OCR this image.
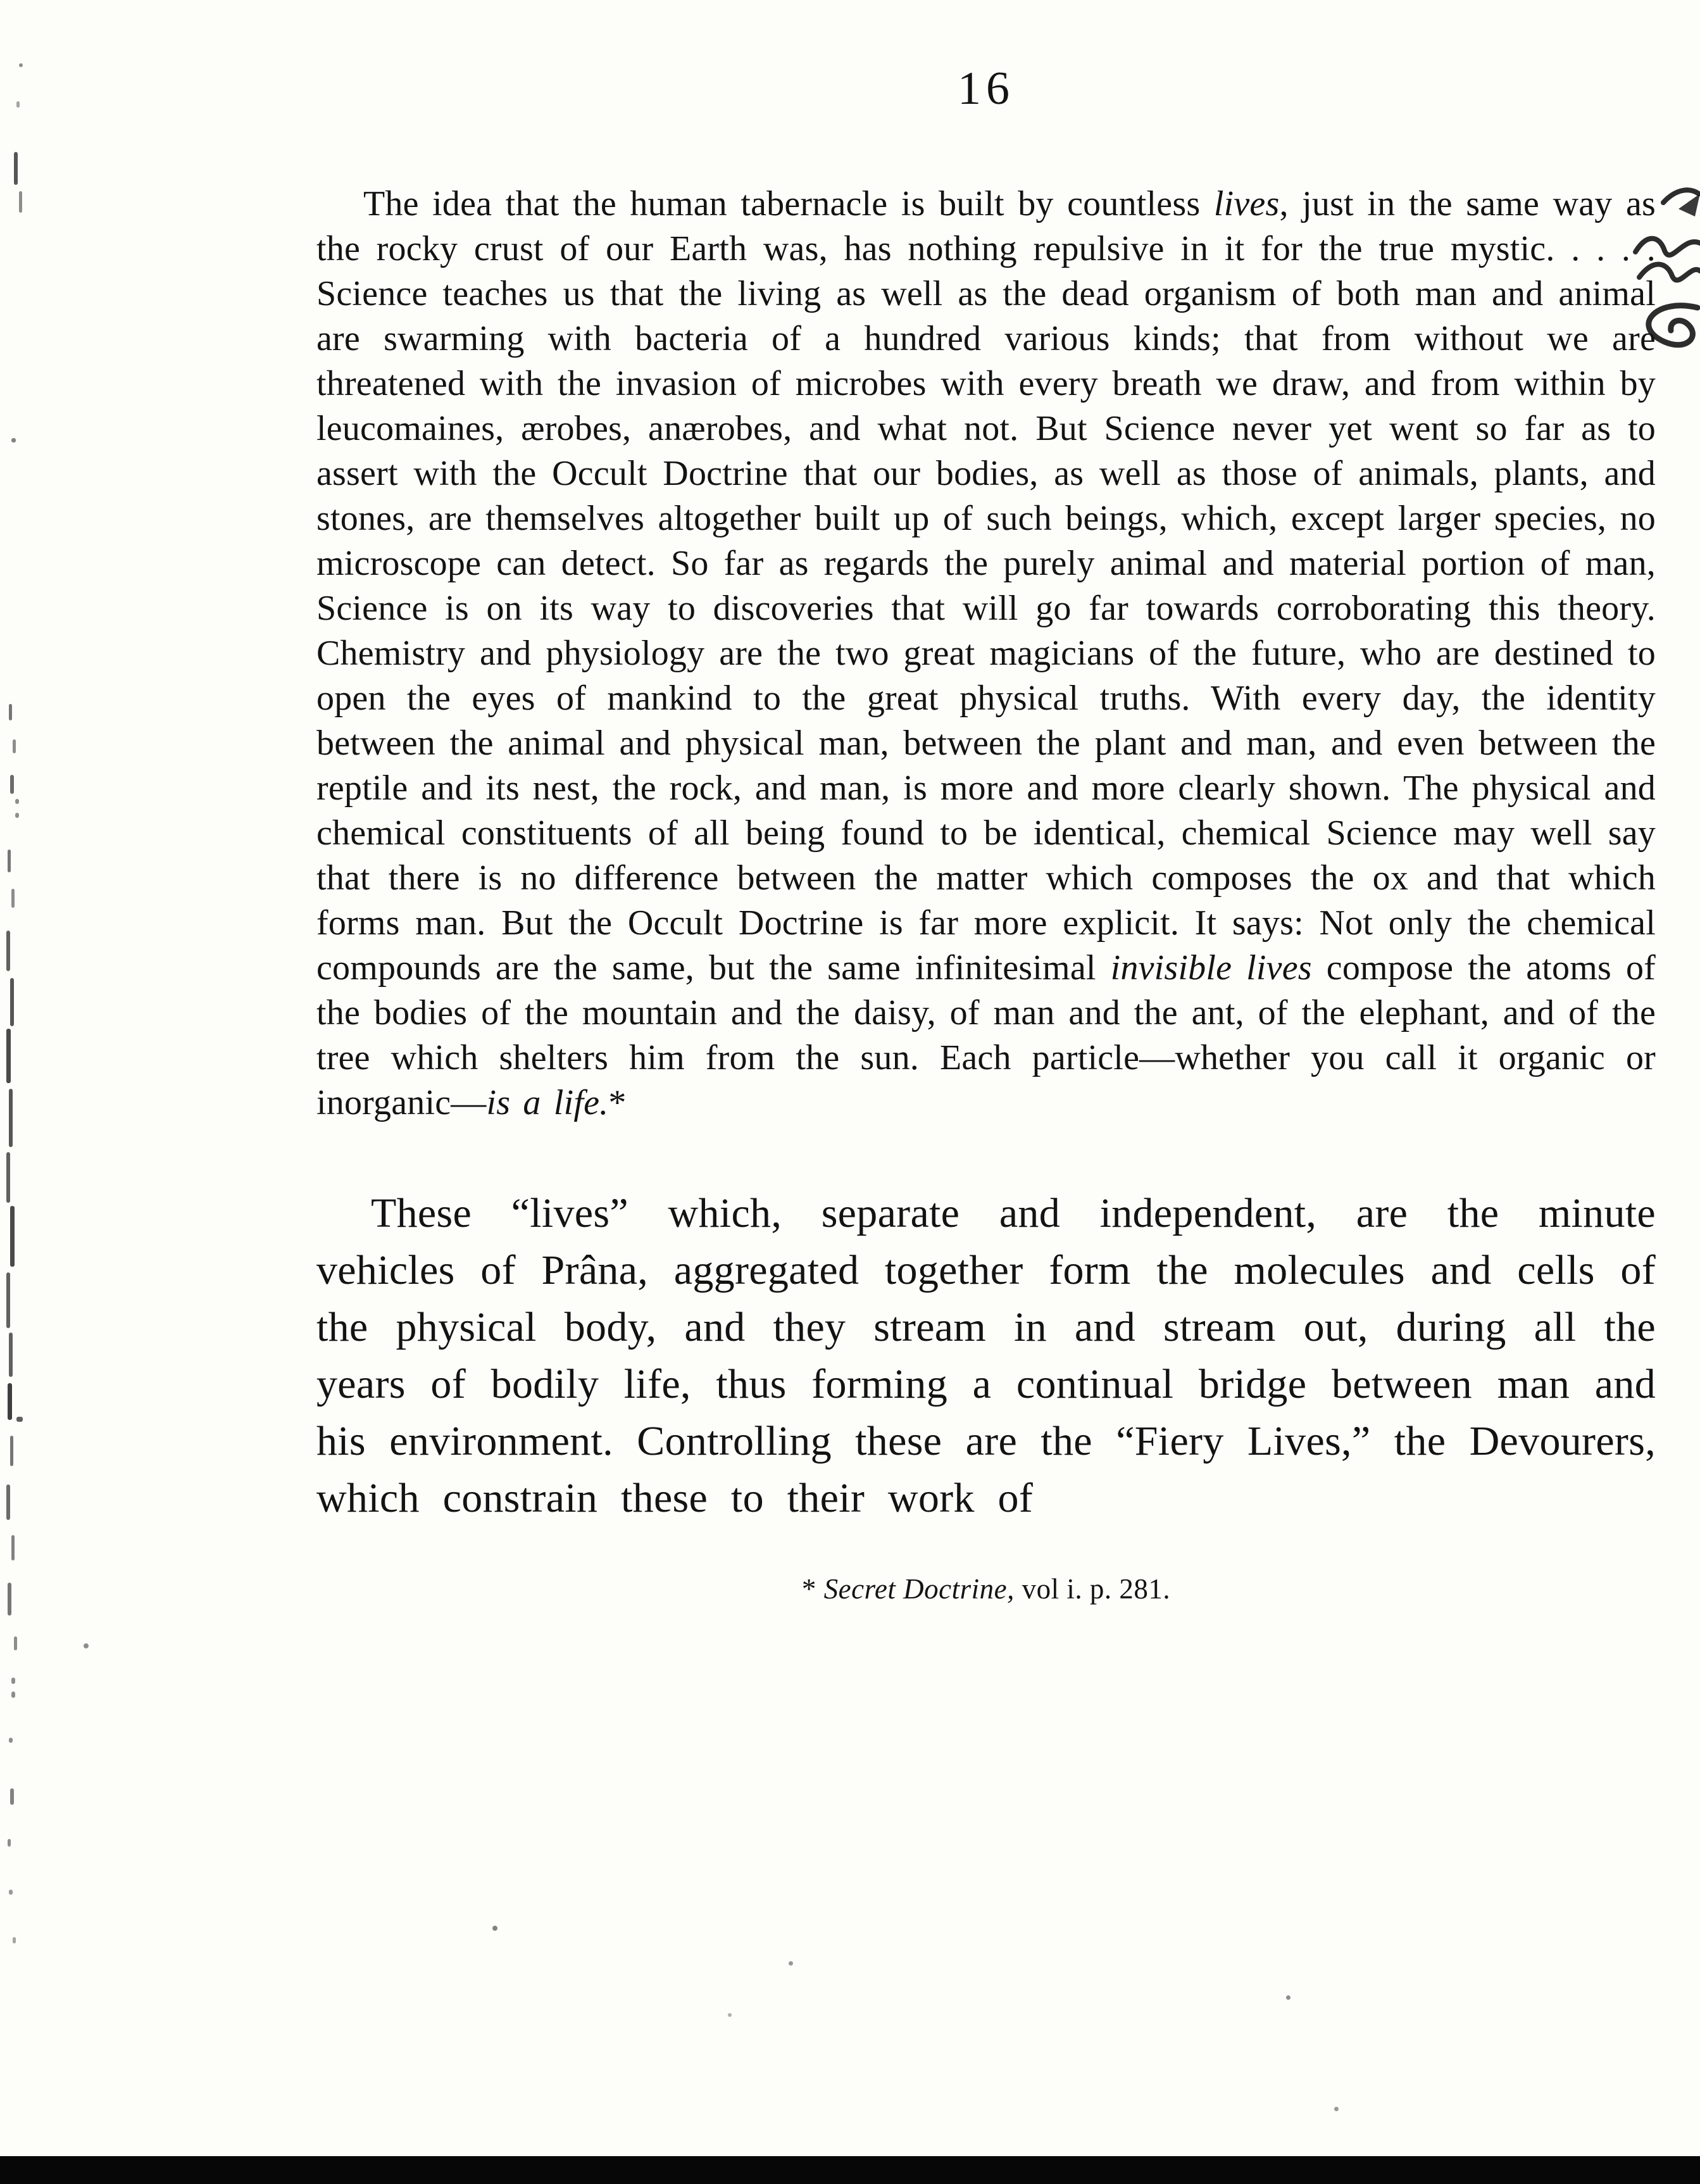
16

The idea that the human tabernacle is built by countless lives, just in the same way as the rocky crust of our Earth was, has nothing repulsive in it for the true mystic. . . . . Science teaches us that the living as well as the dead organism of both man and animal are swarming with bacteria of a hundred various kinds; that from without we are threatened with the invasion of microbes with every breath we draw, and from within by leucomaines, ærobes, anærobes, and what not. But Science never yet went so far as to assert with the Occult Doctrine that our bodies, as well as those of animals, plants, and stones, are themselves altogether built up of such beings, which, except larger species, no microscope can detect. So far as regards the purely animal and material portion of man, Science is on its way to discoveries that will go far towards corroborating this theory. Chemistry and physiology are the two great magicians of the future, who are destined to open the eyes of mankind to the great physical truths. With every day, the identity between the animal and physical man, between the plant and man, and even between the reptile and its nest, the rock, and man, is more and more clearly shown. The physical and chemical constituents of all being found to be identical, chemical Science may well say that there is no difference between the matter which composes the ox and that which forms man. But the Occult Doctrine is far more explicit. It says: Not only the chemical compounds are the same, but the same infinitesimal invisible lives compose the atoms of the bodies of the mountain and the daisy, of man and the ant, of the elephant, and of the tree which shelters him from the sun. Each particle—whether you call it organic or inorganic—is a life.*

These “lives” which, separate and independent, are the minute vehicles of Prâna, aggregated together form the molecules and cells of the physical body, and they stream in and stream out, during all the years of bodily life, thus forming a continual bridge between man and his environment. Controlling these are the “Fiery Lives,” the Devourers, which constrain these to their work of

* Secret Doctrine, vol i. p. 281.
